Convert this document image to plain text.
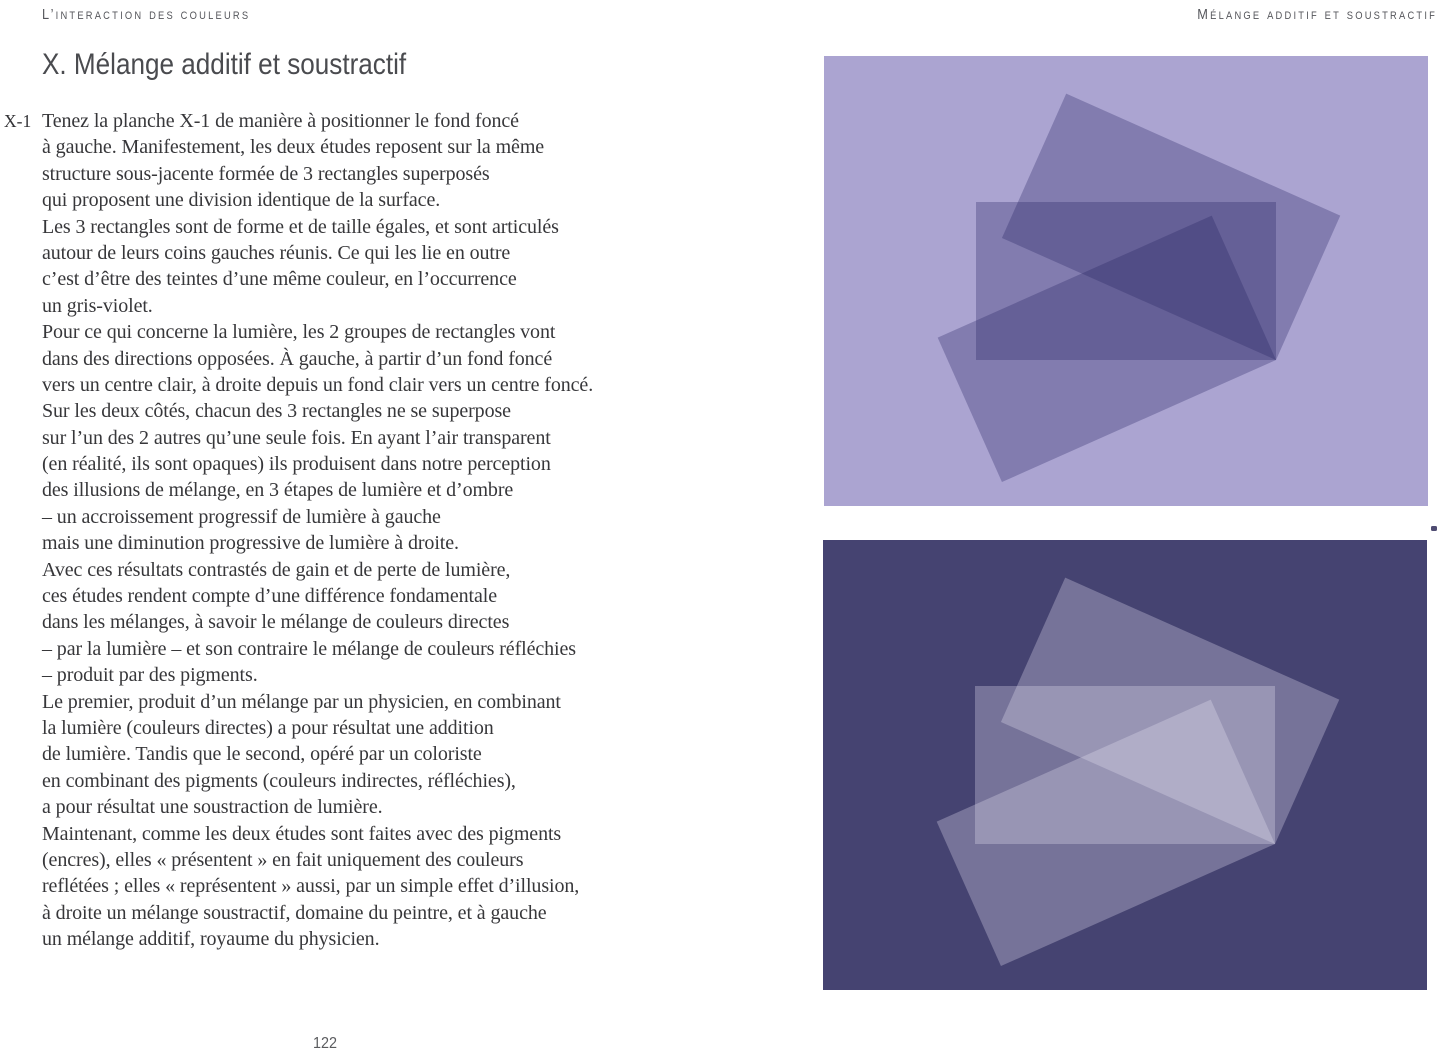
L’interaction des couleurs	Mélange additif et soustractif
X. Mélange additif et soustractif
X-1 Tenez la planche X-1 de manière à positionner le fond foncé
à gauche. Manifestement, les deux études reposent sur la même
structure sous-jacente formée de 3 rectangles superposés
qui proposent une division identique de la surface.
Les 3 rectangles sont de forme et de taille égales, et sont articulés
autour de leurs coins gauches réunis. Ce qui les lie en outre
c’est d’être des teintes d’une même couleur, en l’occurrence
un gris-violet.
Pour ce qui concerne la lumière, les 2 groupes de rectangles vont
dans des directions opposées. À gauche, à partir d’un fond foncé
vers un centre clair, à droite depuis un fond clair vers un centre foncé.
Sur les deux côtés, chacun des 3 rectangles ne se superpose
sur l’un des 2 autres qu’une seule fois. En ayant l’air transparent
(en réalité, ils sont opaques) ils produisent dans notre perception
des illusions de mélange, en 3 étapes de lumière et d’ombre
– un accroissement progressif de lumière à gauche
mais une diminution progressive de lumière à droite.
Avec ces résultats contrastés de gain et de perte de lumière,
ces études rendent compte d’une différence fondamentale
dans les mélanges, à savoir le mélange de couleurs directes
– par la lumière – et son contraire le mélange de couleurs réfléchies
– produit par des pigments.
Le premier, produit d’un mélange par un physicien, en combinant
la lumière (couleurs directes) a pour résultat une addition
de lumière. Tandis que le second, opéré par un coloriste
en combinant des pigments (couleurs indirectes, réfléchies),
a pour résultat une soustraction de lumière.
Maintenant, comme les deux études sont faites avec des pigments
(encres), elles « présentent » en fait uniquement des couleurs
reflétées ; elles « représentent » aussi, par un simple effet d’illusion,
à droite un mélange soustractif, domaine du peintre, et à gauche
un mélange additif, royaume du physicien.
122
